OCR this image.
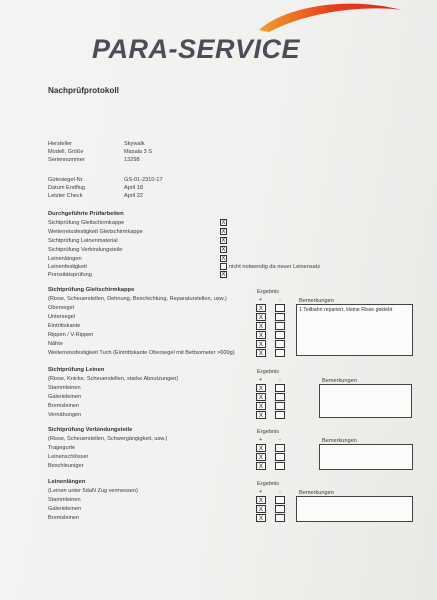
PARA-SERVICE
Nachprüfprotokoll
Hersteller	Skywalk
Modell, Größe	Masala 3 S
Seriennummer	13298
Gütesiegel-Nr.	GS-01-2310-17
Datum Erstflug	April 18
Letzter Check	April 22
Durchgeführte Prüfarbeiten
Sichtprüfung Gleitschirmkappe	X
Weiterreissfestigkeit Gleitschirmkappe	X
Sichtprüfung Leinenmaterial	X
Sichtprüfung Verbindungsteile	X
Leinenlängen	X
Leinenfestigkeit	nicht notwendig da neuer Leinensatz
Porositätsprüfung	X
Sichtprüfung Gleitschirmkappe
(Risse, Scheuerstellen, Dehnung, Beschichtung, Reparaturstellen, usw.)
Ergebnis
+	-	Bemerkungen
1 Teilbahn repariert, kleine Risse geklebt
Obersegel	X
Untersegel	X
Eintrittskante	X
Rippen / V-Rippen	X
Nähte	X
Weiterreissfestigkeit Tuch (Eintrittskante Obersegel mit Bettsometer >600g)	X
Sichtprüfung Leinen
(Risse, Knicke, Scheuerstellen, starke Abnutzungen)
Ergebnis
+	-	Bemerkungen
Stammleinen	X
Galerieleinen	X
Bremsleinen	X
Vernähungen	X
Sichtprüfung Verbindungsteile
(Risse, Scheuerstellen, Schwergängigkeit, usw.)
Ergebnis
+	-	Bemerkungen
Tragegurte	X
Leinenschlösser	X
Beschleuniger	X
Leinenlängen
(Leinen unter 5daN Zug vermessen)
Ergebnis
+	-	Bemerkungen
Stammleinen	X
Galerieleinen	X
Bremsleinen	X
